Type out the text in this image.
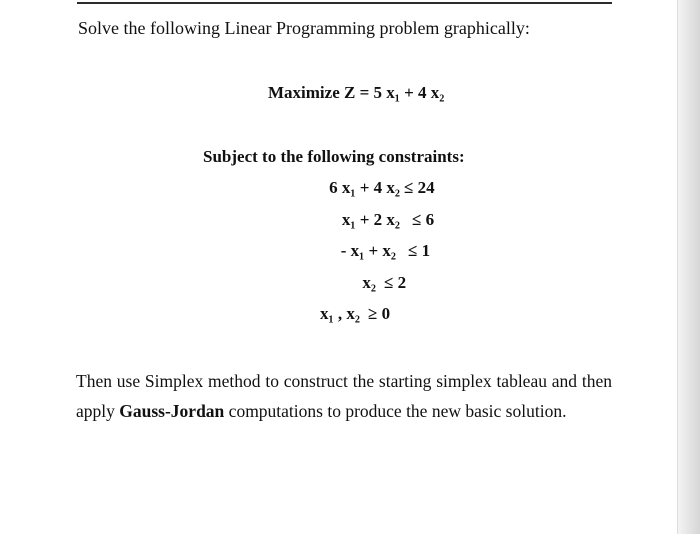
Solve the following Linear Programming problem graphically:
Maximize Z = 5 x₁ + 4 x₂
Subject to the following constraints:
6 x₁ + 4 x₂ ≤ 24
x₁ + 2 x₂ ≤ 6
- x₁ + x₂ ≤ 1
x₂ ≤ 2
x₁ , x₂ ≥ 0

Then use Simplex method to construct the starting simplex tableau and then apply Gauss-Jordan computations to produce the new basic solution.
